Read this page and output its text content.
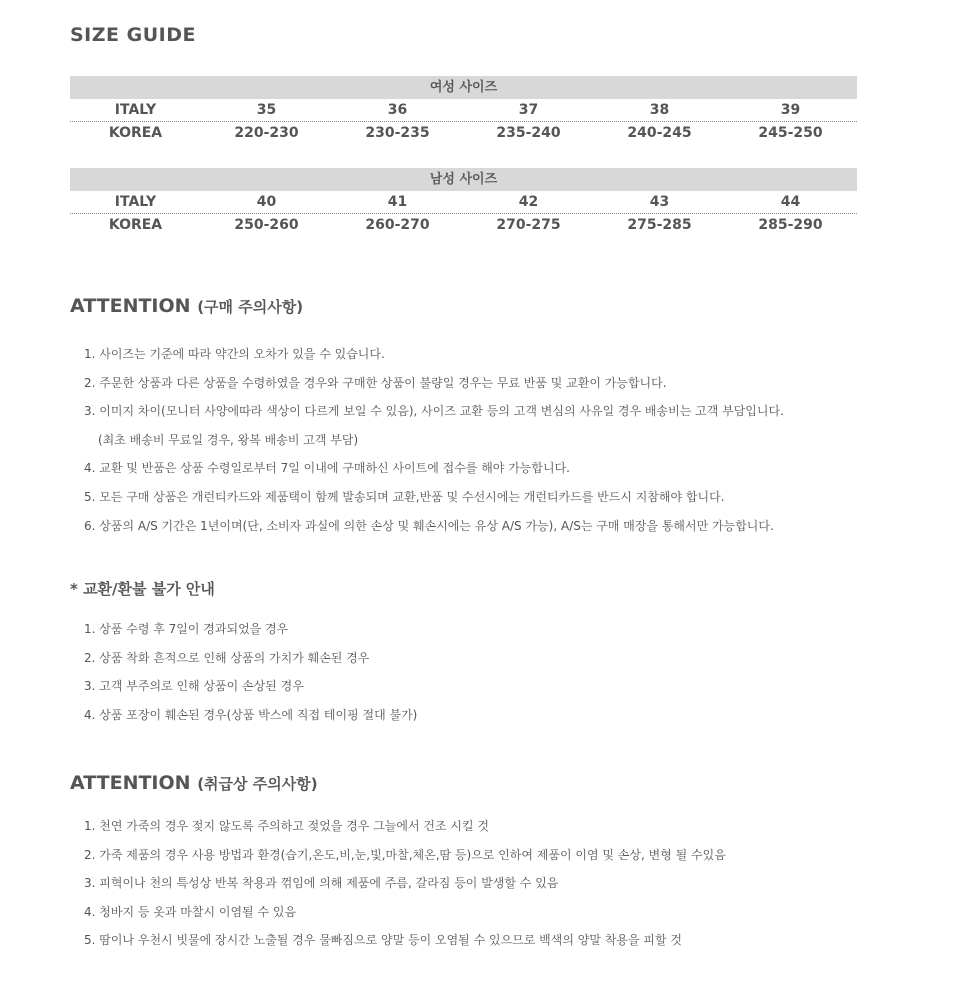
SIZE GUIDE
여성 사이즈
ITALY	35	36	37	38	39
KOREA	220-230	230-235	235-240	240-245	245-250
남성 사이즈
ITALY	40	41	42	43	44
KOREA	250-260	260-270	270-275	275-285	285-290
ATTENTION (구매 주의사항)
1. 사이즈는 기준에 따라 약간의 오차가 있을 수 있습니다.
2. 주문한 상품과 다른 상품을 수령하였을 경우와 구매한 상품이 불량일 경우는 무료 반품 및 교환이 가능합니다.
3. 이미지 차이(모니터 사양에따라 색상이 다르게 보일 수 있음), 사이즈 교환 등의 고객 변심의 사유일 경우 배송비는 고객 부담입니다.
(최초 배송비 무료일 경우, 왕복 배송비 고객 부담)
4. 교환 및 반품은 상품 수령일로부터 7일 이내에 구매하신 사이트에 접수를 해야 가능합니다.
5. 모든 구매 상품은 개런티카드와 제품택이 함께 발송되며 교환,반품 및 수선시에는 개런티카드를 반드시 지참해야 합니다.
6. 상품의 A/S 기간은 1년이며(단, 소비자 과실에 의한 손상 및 훼손시에는 유상 A/S 가능), A/S는 구매 매장을 통해서만 가능합니다.
* 교환/환불 불가 안내
1. 상품 수령 후 7일이 경과되었을 경우
2. 상품 착화 흔적으로 인해 상품의 가치가 훼손된 경우
3. 고객 부주의로 인해 상품이 손상된 경우
4. 상품 포장이 훼손된 경우(상품 박스에 직접 테이핑 절대 불가)
ATTENTION (취급상 주의사항)
1. 천연 가죽의 경우 젖지 않도록 주의하고 젖었을 경우 그늘에서 건조 시킬 것
2. 가죽 제품의 경우 사용 방법과 환경(습기,온도,비,눈,빛,마찰,체온,땀 등)으로 인하여 제품이 이염 및 손상, 변형 될 수있음
3. 피혁이나 천의 특성상 반복 착용과 꺾임에 의해 제품에 주름, 갈라짐 등이 발생할 수 있음
4. 청바지 등 옷과 마찰시 이염될 수 있음
5. 땀이나 우천시 빗물에 장시간 노출될 경우 물빠짐으로 양말 등이 오염될 수 있으므로 백색의 양말 착용을 피할 것
